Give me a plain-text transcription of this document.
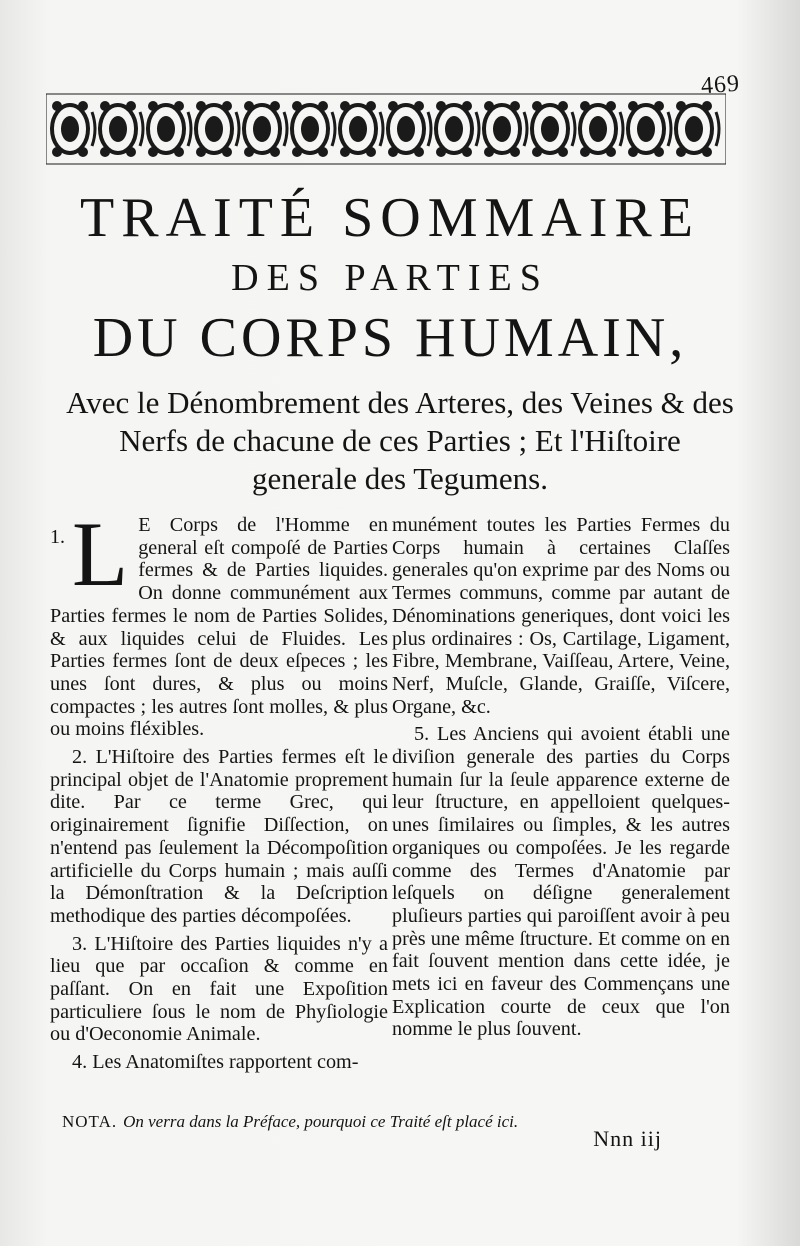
469
TRAITÉ SOMMAIRE
DES PARTIES
DU CORPS HUMAIN,
Avec le Dénombrement des Arteres, des Veines & des
Nerfs de chacune de ces Parties ; Et l'Hiſtoire
generale des Tegumens.
1. L E Corps de l'Homme en general eſt compoſé de Parties fermes & de Parties liquides. On donne communément aux Parties fermes le nom de Parties Solides, & aux liquides celui de Fluides. Les Parties fermes ſont de deux eſpeces ; les unes ſont dures, & plus ou moins compactes ; les autres ſont molles, & plus ou moins fléxibles.

2. L'Hiſtoire des Parties fermes eſt le principal objet de l'Anatomie proprement dite. Par ce terme Grec, qui originairement ſignifie Diſſection, on n'entend pas ſeulement la Décompoſition artificielle du Corps humain ; mais auſſi la Démonſtration & la Deſcription methodique des parties décompoſées.

3. L'Hiſtoire des Parties liquides n'y a lieu que par occaſion & comme en paſſant. On en fait une Expoſition particuliere ſous le nom de Phyſiologie ou d'Oeconomie Animale.

4. Les Anatomiſtes rapportent com-

munément toutes les Parties Fermes du Corps humain à certaines Claſſes generales qu'on exprime par des Noms ou Termes communs, comme par autant de Dénominations generiques, dont voici les plus ordinaires : Os, Cartilage, Ligament, Fibre, Membrane, Vaiſſeau, Artere, Veine, Nerf, Muſcle, Glande, Graiſſe, Viſcere, Organe, &c.

5. Les Anciens qui avoient établi une diviſion generale des parties du Corps humain ſur la ſeule apparence externe de leur ſtructure, en appelloient quelques-unes ſimilaires ou ſimples, & les autres organiques ou compoſées. Je les regarde comme des Termes d'Anatomie par leſquels on déſigne generalement pluſieurs parties qui paroiſſent avoir à peu près une même ſtructure. Et comme on en fait ſouvent mention dans cette idée, je mets ici en faveur des Commençans une Explication courte de ceux que l'on nomme le plus ſouvent.

NOTA. On verra dans la Préface, pourquoi ce Traité eſt placé ici.
Nnn iij
